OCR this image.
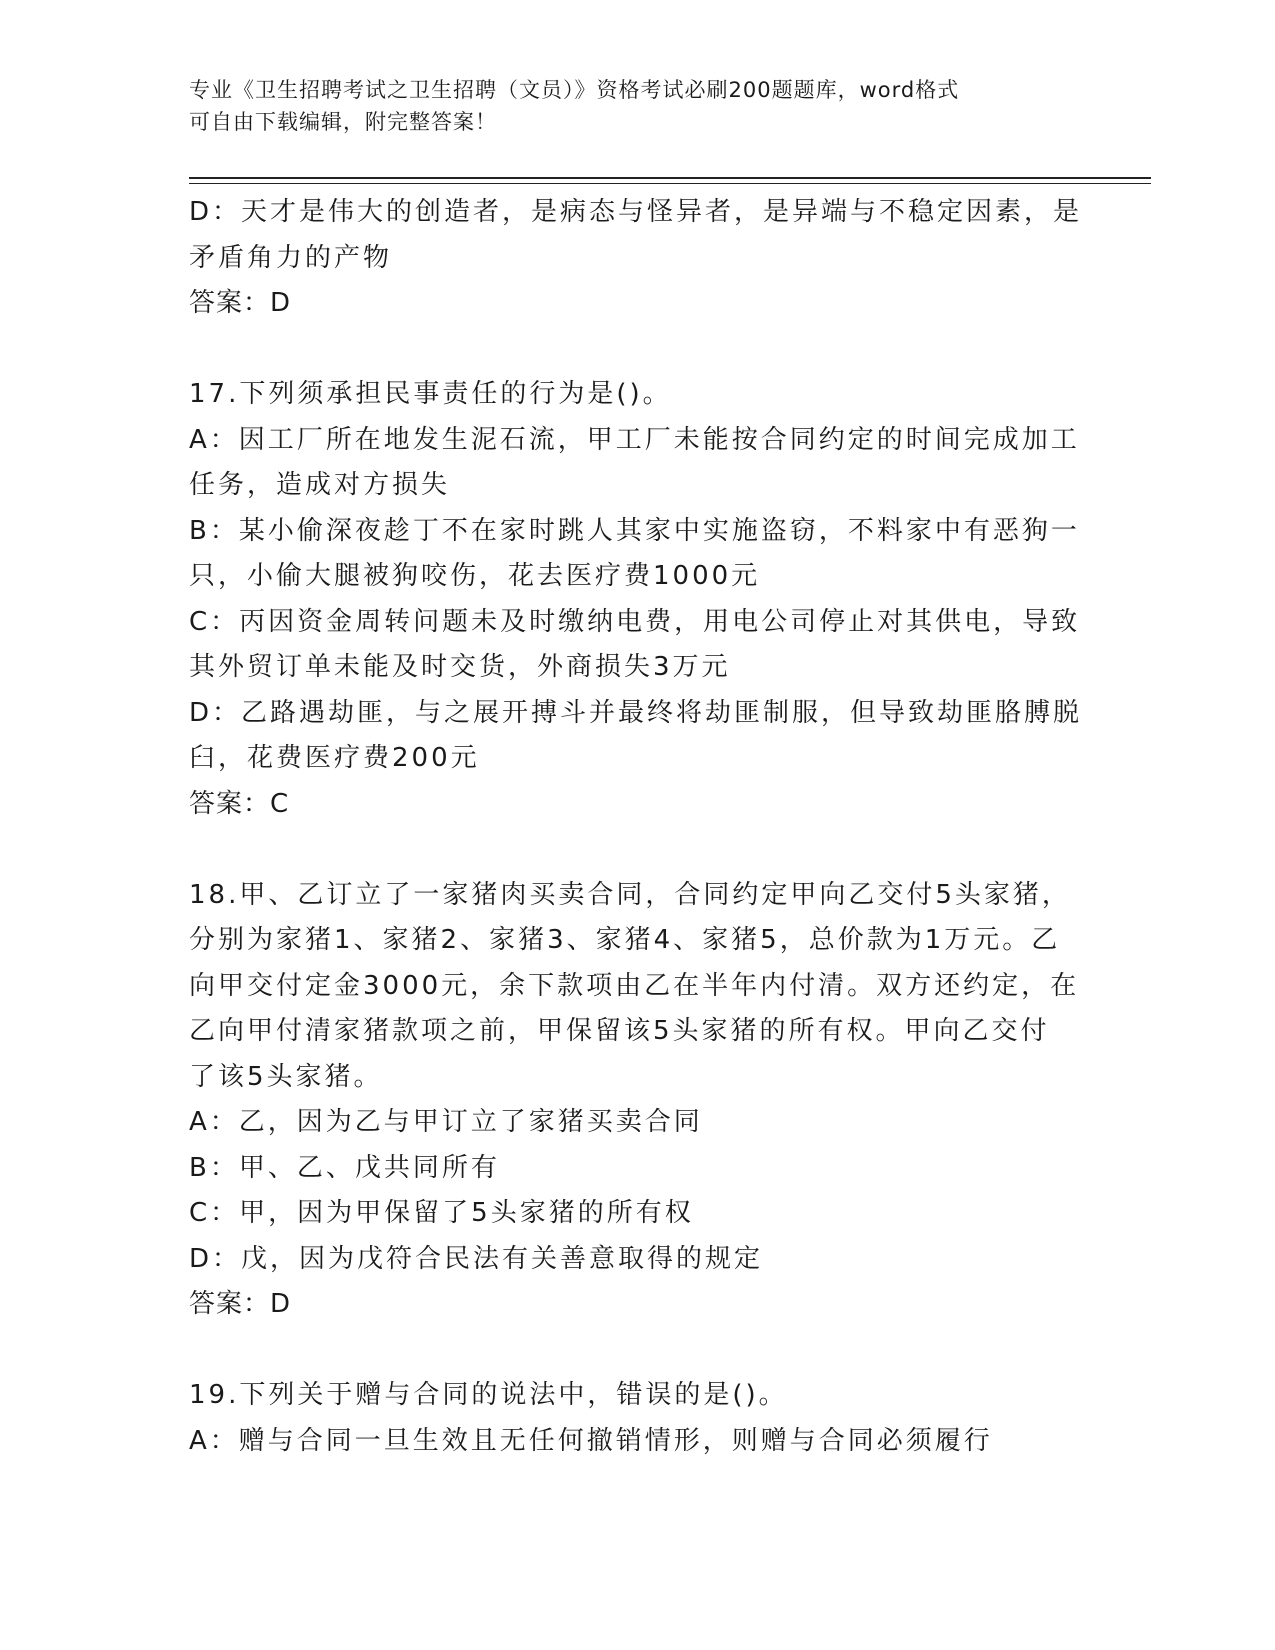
专业《卫生招聘考试之卫生招聘（文员）》资格考试必刷200题题库，word格式
可自由下载编辑，附完整答案！
D：天才是伟大的创造者，是病态与怪异者，是异端与不稳定因素，是
矛盾角力的产物
答案：D
17.下列须承担民事责任的行为是()。
A：因工厂所在地发生泥石流，甲工厂未能按合同约定的时间完成加工
任务，造成对方损失
B：某小偷深夜趁丁不在家时跳人其家中实施盗窃，不料家中有恶狗一
只，小偷大腿被狗咬伤，花去医疗费1000元
C：丙因资金周转问题未及时缴纳电费，用电公司停止对其供电，导致
其外贸订单未能及时交货，外商损失3万元
D：乙路遇劫匪，与之展开搏斗并最终将劫匪制服，但导致劫匪胳膊脱
臼，花费医疗费200元
答案：C
18.甲、乙订立了一家猪肉买卖合同，合同约定甲向乙交付5头家猪，
分别为家猪1、家猪2、家猪3、家猪4、家猪5，总价款为1万元。乙
向甲交付定金3000元，余下款项由乙在半年内付清。双方还约定，在
乙向甲付清家猪款项之前，甲保留该5头家猪的所有权。甲向乙交付
了该5头家猪。
A：乙，因为乙与甲订立了家猪买卖合同
B：甲、乙、戊共同所有
C：甲，因为甲保留了5头家猪的所有权
D：戊，因为戊符合民法有关善意取得的规定
答案：D
19.下列关于赠与合同的说法中，错误的是()。
A：赠与合同一旦生效且无任何撤销情形，则赠与合同必须履行
